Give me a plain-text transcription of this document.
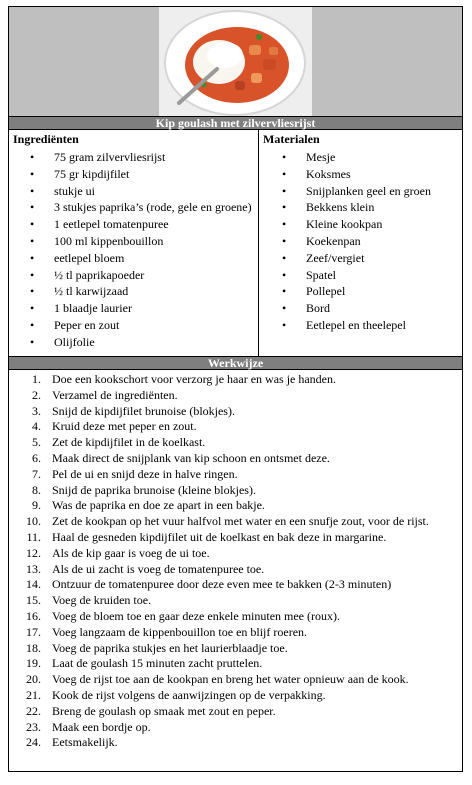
Kip goulash met zilvervliesrijst
Ingrediënten
• 75 gram zilvervliesrijst
• 75 gr kipdijfilet
• stukje ui
• 3 stukjes paprika’s (rode, gele en groene)
• 1 eetlepel tomatenpuree
• 100 ml kippenbouillon
• eetlepel bloem
• ½ tl paprikapoeder
• ½ tl karwijzaad
• 1 blaadje laurier
• Peper en zout
• Olijfolie
Materialen
• Mesje
• Koksmes
• Snijplanken geel en groen
• Bekkens klein
• Kleine kookpan
• Koekenpan
• Zeef/vergiet
• Spatel
• Pollepel
• Bord
• Eetlepel en theelepel
Werkwijze
1. Doe een kookschort voor verzorg je haar en was je handen.
2. Verzamel de ingrediënten.
3. Snijd de kipdijfilet brunoise (blokjes).
4. Kruid deze met peper en zout.
5. Zet de kipdijfilet in de koelkast.
6. Maak direct de snijplank van kip schoon en ontsmet deze.
7. Pel de ui en snijd deze in halve ringen.
8. Snijd de paprika brunoise (kleine blokjes).
9. Was de paprika en doe ze apart in een bakje.
10. Zet de kookpan op het vuur halfvol met water en een snufje zout, voor de rijst.
11. Haal de gesneden kipdijfilet uit de koelkast en bak deze in margarine.
12. Als de kip gaar is voeg de ui toe.
13. Als de ui zacht is voeg de tomatenpuree toe.
14. Ontzuur de tomatenpuree door deze even mee te bakken (2-3 minuten)
15. Voeg de kruiden toe.
16. Voeg de bloem toe en gaar deze enkele minuten mee (roux).
17. Voeg langzaam de kippenbouillon toe en blijf roeren.
18. Voeg de paprika stukjes en het laurierblaadje toe.
19. Laat de goulash 15 minuten zacht pruttelen.
20. Voeg de rijst toe aan de kookpan en breng het water opnieuw aan de kook.
21. Kook de rijst volgens de aanwijzingen op de verpakking.
22. Breng de goulash op smaak met zout en peper.
23. Maak een bordje op.
24. Eetsmakelijk.
